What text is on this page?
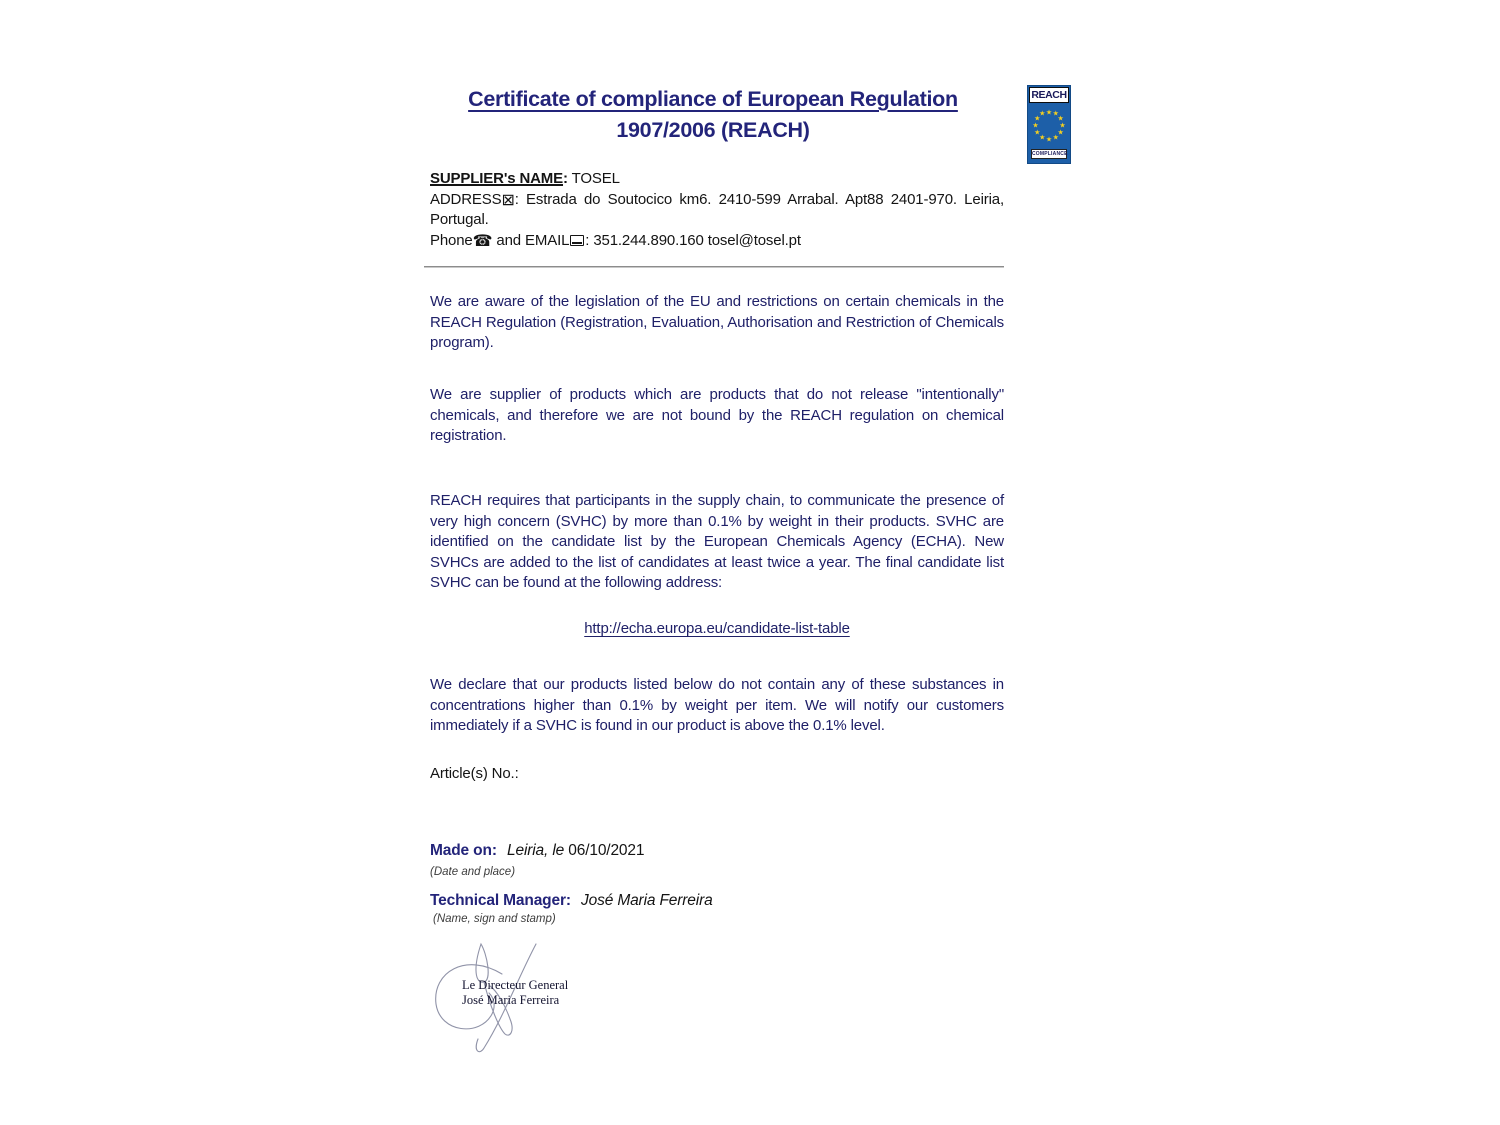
Certificate of compliance of European Regulation
1907/2006 (REACH)
REACH
★ ★
★
★
★
★
★
★
★
★
★
★
COMPLIANCE
SUPPLIER's NAME: TOSEL
ADDRESS⊠: Estrada do Soutocico km6. 2410-599 Arrabal. Apt88 2401-970. Leiria, Portugal.
Phone☎ and EMAIL : 351.244.890.160 tosel@tosel.pt
We are aware of the legislation of the EU and restrictions on certain chemicals in the REACH Regulation (Registration, Evaluation, Authorisation and Restriction of Chemicals program).
We are supplier of products which are products that do not release "intentionally" chemicals, and therefore we are not bound by the REACH regulation on chemical registration.
REACH requires that participants in the supply chain, to communicate the presence of very high concern (SVHC) by more than 0.1% by weight in their products. SVHC are identified on the candidate list by the European Chemicals Agency (ECHA). New SVHCs are added to the list of candidates at least twice a year. The final candidate list SVHC can be found at the following address:
http://echa.europa.eu/candidate-list-table
We declare that our products listed below do not contain any of these substances in concentrations higher than 0.1% by weight per item. We will notify our customers immediately if a SVHC is found in our product is above the 0.1% level.
Article(s) No.:
Made on: Leiria, le 06/10/2021
(Date and place)
Technical Manager: José Maria Ferreira
(Name, sign and stamp)
Le Directeur General
José Maria Ferreira
